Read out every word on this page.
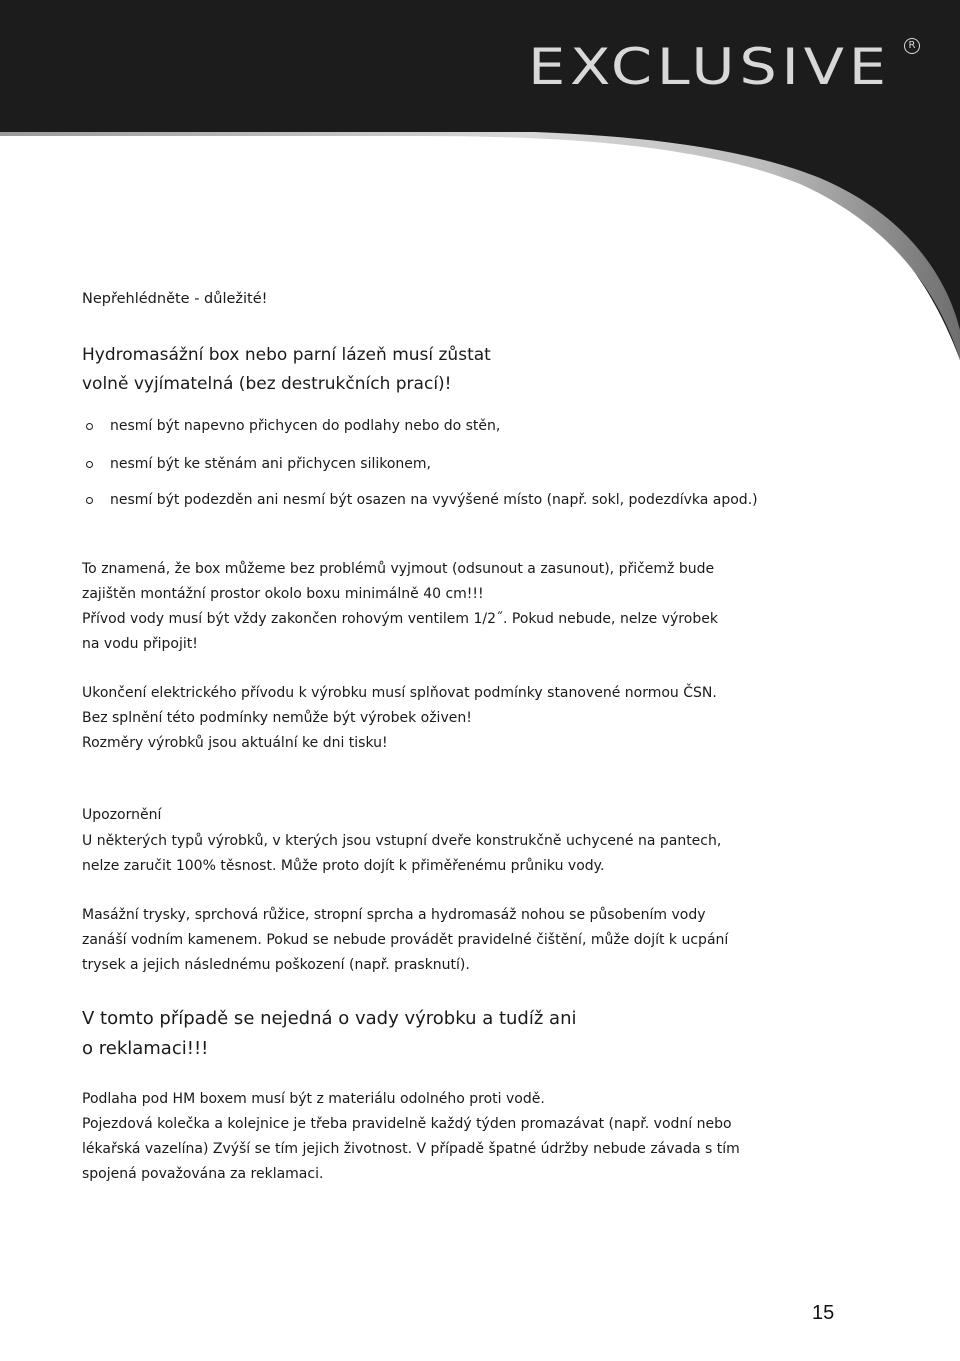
EXCLUSIVE	R

Nepřehlédněte - důležité!

Hydromasážní box nebo parní lázeň musí zůstat

volně vyjímatelná (bez destrukčních prací)!

nesmí být napevno přichycen do podlahy nebo do stěn,
nesmí být ke stěnám ani přichycen silikonem,
nesmí být podezděn ani nesmí být osazen na vyvýšené místo (např. sokl, podezdívka apod.)

To znamená, že box můžeme bez problémů vyjmout (odsunout a zasunout), přičemž bude

zajištěn montážní prostor okolo boxu minimálně 40 cm!!!

Přívod vody musí být vždy zakončen rohovým ventilem 1/2˝. Pokud nebude, nelze výrobek

na vodu připojit!

Ukončení elektrického přívodu k výrobku musí splňovat podmínky stanovené normou ČSN.

Bez splnění této podmínky nemůže být výrobek oživen!

Rozměry výrobků jsou aktuální ke dni tisku!

Upozornění

U některých typů výrobků, v kterých jsou vstupní dveře konstrukčně uchycené na pantech,

nelze zaručit 100% těsnost. Může proto dojít k přiměřenému průniku vody.

Masážní trysky, sprchová růžice, stropní sprcha a hydromasáž nohou se působením vody

zanáší vodním kamenem. Pokud se nebude provádět pravidelné čištění, může dojít k ucpání

trysek a jejich následnému poškození (např. prasknutí).

V tomto případě se nejedná o vady výrobku a tudíž ani

o reklamaci!!!

Podlaha pod HM boxem musí být z materiálu odolného proti vodě.

Pojezdová kolečka a kolejnice je třeba pravidelně každý týden promazávat (např. vodní nebo

lékařská vazelína) Zvýší se tím jejich životnost. V případě špatné údržby nebude závada s tím

spojená považována za reklamaci.

15
